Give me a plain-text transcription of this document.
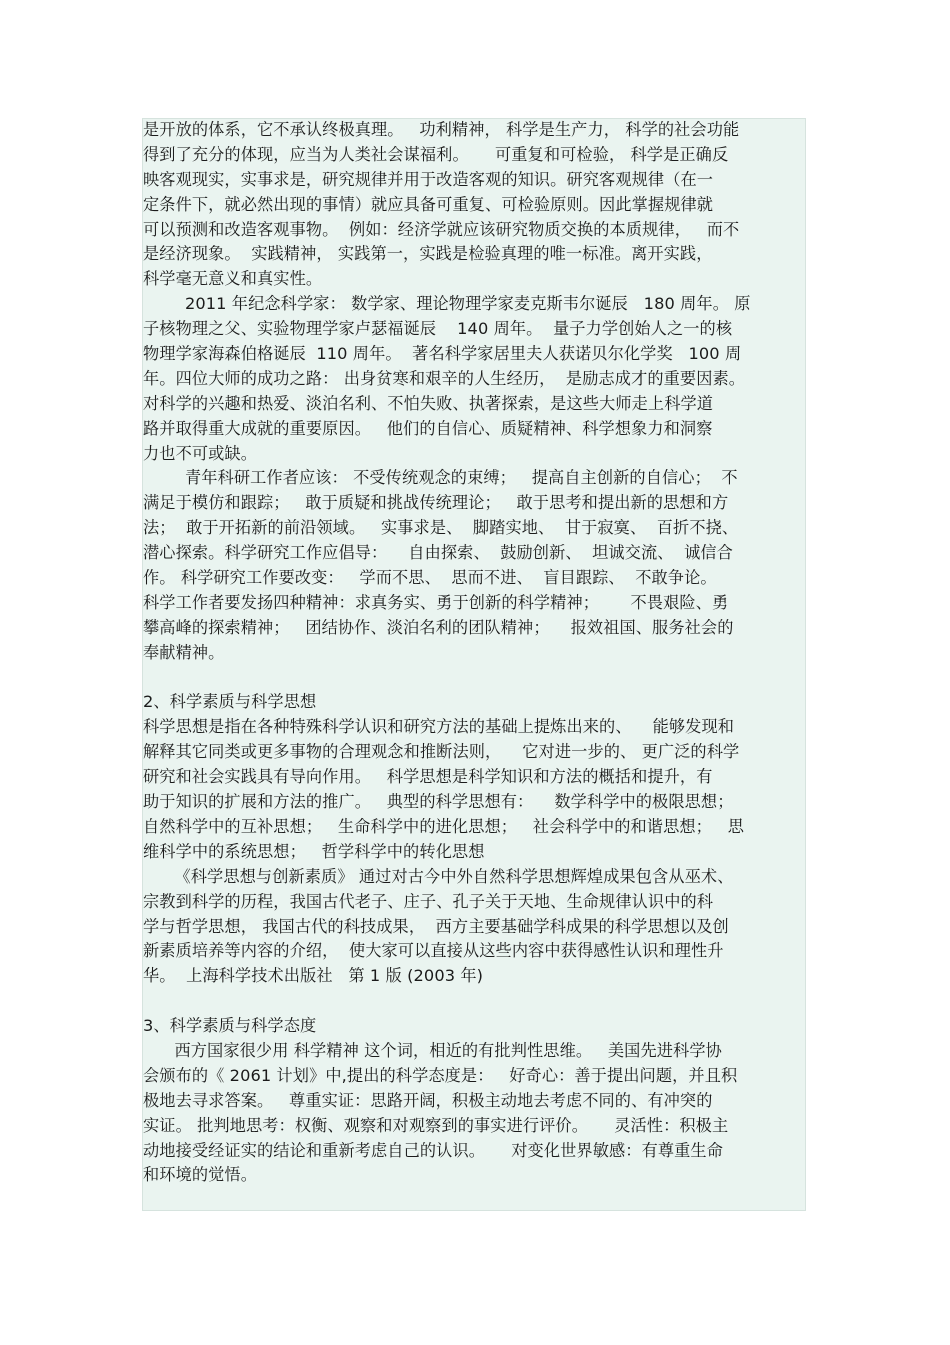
是开放的体系，它不承认终极真理。   功利精神， 科学是生产力， 科学的社会功能
得到了充分的体现，应当为人类社会谋福利。     可重复和可检验， 科学是正确反
映客观现实，实事求是，研究规律并用于改造客观的知识。研究客观规律（在一
定条件下，就必然出现的事情）就应具备可重复、可检验原则。因此掌握规律就
可以预测和改造客观事物。  例如：经济学就应该研究物质交换的本质规律，   而不
是经济现象。  实践精神， 实践第一，实践是检验真理的唯一标准。离开实践，
科学毫无意义和真实性。
2011 年纪念科学家： 数学家、理论物理学家麦克斯韦尔诞辰   180 周年。 原
子核物理之父、实验物理学家卢瑟福诞辰    140 周年。  量子力学创始人之一的核
物理学家海森伯格诞辰  110 周年。  著名科学家居里夫人获诺贝尔化学奖   100 周
年。四位大师的成功之路： 出身贫寒和艰辛的人生经历，  是励志成才的重要因素。
对科学的兴趣和热爱、淡泊名利、不怕失败、执著探索，是这些大师走上科学道
路并取得重大成就的重要原因。   他们的自信心、质疑精神、科学想象力和洞察
力也不可或缺。
青年科研工作者应该： 不受传统观念的束缚；   提高自主创新的自信心；  不
满足于模仿和跟踪；   敢于质疑和挑战传统理论；   敢于思考和提出新的思想和方
法；  敢于开拓新的前沿领域。   实事求是、  脚踏实地、  甘于寂寞、  百折不挠、
潜心探索。科学研究工作应倡导：    自由探索、  鼓励创新、  坦诚交流、  诚信合
作。 科学研究工作要改变：   学而不思、  思而不进、  盲目跟踪、  不敢争论。
科学工作者要发扬四种精神：求真务实、勇于创新的科学精神；      不畏艰险、勇
攀高峰的探索精神；   团结协作、淡泊名利的团队精神；    报效祖国、服务社会的
奉献精神。
2、科学素质与科学思想
科学思想是指在各种特殊科学认识和研究方法的基础上提炼出来的、    能够发现和
解释其它同类或更多事物的合理观念和推断法则，    它对进一步的、 更广泛的科学
研究和社会实践具有导向作用。   科学思想是科学知识和方法的概括和提升，有
助于知识的扩展和方法的推广。   典型的科学思想有：    数学科学中的极限思想；
自然科学中的互补思想；   生命科学中的进化思想；   社会科学中的和谐思想；   思
维科学中的系统思想；   哲学科学中的转化思想
《科学思想与创新素质》 通过对古今中外自然科学思想辉煌成果包含从巫术、
宗教到科学的历程，我国古代老子、庄子、孔子关于天地、生命规律认识中的科
学与哲学思想， 我国古代的科技成果，  西方主要基础学科成果的科学思想以及创
新素质培养等内容的介绍，  使大家可以直接从这些内容中获得感性认识和理性升
华。  上海科学技术出版社   第 1 版 (2003 年)
3、科学素质与科学态度
西方国家很少用 科学精神 这个词，相近的有批判性思维。   美国先进科学协
会颁布的《 2061 计划》中,提出的科学态度是：   好奇心：善于提出问题，并且积
极地去寻求答案。   尊重实证：思路开阔，积极主动地去考虑不同的、有冲突的
实证。 批判地思考：权衡、观察和对观察到的事实进行评价。     灵活性：积极主
动地接受经证实的结论和重新考虑自己的认识。     对变化世界敏感：有尊重生命
和环境的觉悟。
